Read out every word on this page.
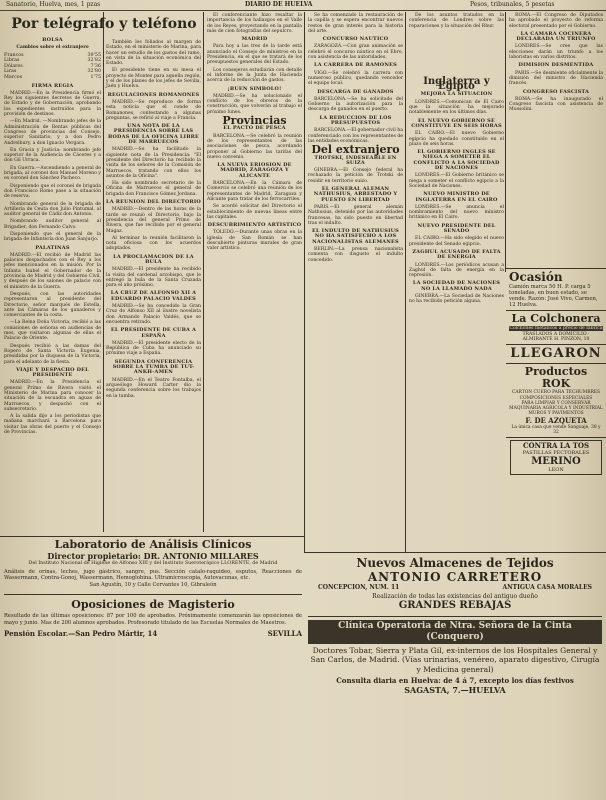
Sanatorio, Huelva, mes, 1 pzas	DIARIO DE HUELVA	Pesos, tribunales, 5 pesetas
Por telégrafo y teléfono
BOLSA
Cambios sobre el extranjero
Francos	39'55
Libras	32'82
Dólares	7'36
Liras	32'80
Marcos	1'75
FIRMA REGIA

MADRID.—En la Presidencia firmó el Rey los siguientes decretos de Guerra, de Estado y de Gobernación, aprobando los expedientes instruidos para la provisión de destinos.

—En Madrid. —Nombrando jefes de la Administración de Rentas públicas del Congreso de provincias del Consejo, superior Sanitario, y a don Pedro Andrelbury, a don Ignacio Vergara.

En Gracia y Justicia: nombrando jefe superior de la Audiencia de Cáceres y a don Gil Urraca.

En Guerra.—Ascendiendo a general de brigada, al coronel don Manuel Moreno y ex coronel don Sánchez Pacheco.

Disponiendo que el coronel de brigada don Francisco Romo pase a la situación de reserva.

Nombrando general de la brigada de Artillería de Ceuta don Julio Pintumal, al auditor general de Cádiz don Antonio.

Nombrando auditor general al Brigadier, don Fernando Calvo.

Disponiendo que el general de la brigada de Infantería don Juan Sanjurjo.

PALATINAS

MADRID.—El recibió de Madrid las palacios despachados con el Rey a los jefes mencionados en la misión. Por la Infanta Isabel el Gobernador de la provincia de Madrid y del Gobierno Civil, y después de los salones de palacio con el ministro de la Guerra.

Después, con las autoridades representaron al presidente del Directorio, señor marqués de Estella, ante las Cámaras de los ganaderos y comerciantes de la costa.

—La Reina Doña Victoria, recibió a las comisiones de señoras en audiencias de mes, que visitaron algunas de ellas el Palacio de Oriente.

Después recibió a las damas del Ropero de Santa Victoria Eugenia, presididas por la duquesa de la Victoria, para el adelanto de la fiesta.

VIAJE Y DESPACHO DEL PRESIDENTE

MADRID.—En la Presidencia el general Primo de Rivera visitó el Ministerio de Marina para conocer la situación de la escuadra en aguas de Marruecos, y despachó con el subsecretario.

A la salida dijo a los periodistas que mañana marchará a Barcelona para visitar las obras del puerto y el Consejo de Provincias.

También los foliados al margen de Estado, en el ministerio de Marina, para hacer un estudio de los gastos del ramo, en vista de la situación económica del Estado.

El presidente tiene en su mesa el proyecto de Montes para aquella región, y el de los planes de los jefes de Sevilla, Jaén y Huelva.

REGULACIONES ROMANONES

MADRID.—Se reproduce de forma esta noticia que el conde de Romanones, contestando a algunas preguntas, se refirió al viaje a Francia.

UNA NOTA DE LA PRESIDENCIA SOBRE LAS BODAS DE LA OFICINA LIBRE DE MARRUECOS

MADRID.—Se ha facilitado la siguiente nota de la Presidencia: "El presidente del Directorio ha recibido la visita de los señores de la Comisión de Marruecos, tratando con ellos los asuntos de la Oficina".

Ha sido nombrado secretario de la Oficina de Marruecos el general de brigada don Francisco Gómez Jordana.

LA REUNION DEL DIRECTORIO

MADRID.—Dentro de las horas de la tarde se reunió el Directorio, bajo la presidencia del general Primo de Rivera, que fue recibido por el general Magaz.

Al terminar la reunión facilitaron la nota oficiosa con los acuerdos adoptados.

LA PROCLAMACION DE LA BULA

MADRID.—El presidente ha recibido la visita del cardenal arzobispo, que le entregó la bula de la Santa Cruzada para el año próximo.

LA CRUZ DE ALFONSO XII A EDUARDO PALACIO VALDES

MADRID.—Se ha concedido la Gran Cruz de Alfonso XII al ilustre novelista don Armando Palacio Valdés, que se encuentra retirado.

EL PRESIDENTE DE CUBA A ESPAÑA

MADRID.—El presidente electo de la República de Cuba ha anunciado su próximo viaje a España.

SEGUNDA CONFERENCIA SOBRE LA TUMBA DE TUT-ANKH-AMEN

MADRID.—En el Teatro Fontalba, el arqueólogo Howard Carter dio la segunda conferencia sobre los trabajos en la tumba.

El conferenciante hizo resaltar la importancia de los hallazgos en el Valle de los Reyes, proyectando en la pantalla más de cien fotografías del sepulcro.

MADRID

Para hoy a las tres de la tarde está anunciado el Consejo de ministros en la Presidencia, en el que se tratará de los presupuestos generales del Estado.

Los consejeros estudiarán con detalle el informe de la Junta de Hacienda acerca de la reducción de gastos.

¡BUEN SIMBOLO!

MADRID.—Se ha solucionado el conflicto de los obreros de la construcción, que volverán al trabajo el próximo lunes.

Provincias
EL PACTO DE PESCA

BARCELONA.—Se celebró la reunión de los representantes de las asociaciones de pesca, acordando proponer al Gobierno las tarifas del nuevo convenio.

LA NUEVA ERIOSION DE MADRID, ZARAGOZA Y ALICANTE

BARCELONA.—En la Cámara de Comercio se celebró una reunión de los representantes de Madrid, Zaragoza y Alicante para tratar de los ferrocarriles.

Se acordó solicitar del Directorio el establecimiento de nuevas líneas entre las capitales.

DESCUBRIMIENTO ARTISTICO

TOLEDO.—Durante unas obras en la iglesia de San Román se han descubierto pinturas murales de gran valor artístico.

Se ha comenzado la restauración de la capilla y se espera encontrar nuevos restos de gran interés para la historia del arte.

CONCURSO NAUTICO

ZARAGOZA.—Con gran animación se celebró el concurso náutico en el Ebro, con asistencia de las autoridades.

LA CARRERA DE RAMONES

VIGO.—Se celebró la carrera con numeroso público, quedando vencedor el equipo local.

DESCARGA DE GANADOS

BARCELONA.—Se ha solicitado del Gobierno la autorización para la descarga de ganados en el puerto.

LA REDUCCION DE LOS PRESUPUESTOS

BARCELONA.—El gobernador civil ha conferenciado con los representantes de las entidades económicas.

Del extranjero
TROTSKI, INDESEABLE EN SUIZA

GINEBRA.—El Consejo federal ha rechazado la petición de Trotski de residir en territorio suizo.

EL GENERAL ALEMAN NATHUSIUS, ARRESTADO Y PUESTO EN LIBERTAD

PARIS.—El general alemán Nathusius, detenido por las autoridades francesas, ha sido puesto en libertad tras el indulto.

EL INDULTO DE NATHUSIUS NO HA SATISFECHO A LOS NACIONALISTAS ALEMANES

BERLIN.—La prensa nacionalista comenta con disgusto el indulto concedido.

De los asuntos tratados en la conferencia de Londres sobre las reparaciones y la situación del Rhur.

Inglaterra y Egipto
MEJORA LA SITUACION

LONDRES.—Comunican de El Cairo que la situación ha mejorado notablemente en los últimos días.

EL NUEVO GOBIERNO SE CONSTITUYE EN SEIS HORAS

EL CAIRO.—El nuevo Gobierno egipcio ha quedado constituido en el plazo de seis horas.

EL GOBIERNO INGLES SE NIEGA A SOMETER EL CONFLICTO A LA SOCIEDAD DE NACIONES

LONDRES.—El Gobierno británico se niega a someter el conflicto egipcio a la Sociedad de Naciones.

NUEVO MINISTRO DE INGLATERRA EN EL CAIRO

LONDRES.—Se anuncia el nombramiento del nuevo ministro británico en El Cairo.

NUEVO PRESIDENTE DEL SENADO

EL CAIRO.—Ha sido elegido el nuevo presidente del Senado egipcio.

ZAGHUL ACUSADO DE FALTA DE ENERGIA

LONDRES.—Los periódicos acusan a Zaghul de falta de energía en la represión.

LA SOCIEDAD DE NACIONES NO LA LLAMADO NADA

GINEBRA.—La Sociedad de Naciones no ha recibido petición alguna.

ROMA.—El Congreso de Diputados ha aprobado el proyecto de reforma electoral presentado por el Gobierno.

LA CAMARA COCINERA DECLARADA UN TRIUNFO

LONDRES.—Se cree que las elecciones darán un triunfo a los laboristas en varios distritos.

DIMISION DESMENTIDA

PARIS.—Se desmiente oficialmente la dimisión del ministro de Hacienda francés.

CONGRESO FASCISTA

ROMA.—Se ha inaugurado el Congreso fascista con asistencia de Mussolini.

Ocasión
Camión marca 50 H. P. carga 5 toneladas, en buen estado, se vende. Razón: José Vivo, Carmen, 12 Huelva.
La Colchonera
Colchones metálicos a precio de fábrica
TRASLADOS A DOMICILIO · ALMIRANTE H. PINZON, 10
LLEGARON
Productos ROK
CARTON CUERO PARA TECHUMBRES
COMPOSICIONES ESPECIALES
PARA LIMPIAR Y CONSERVAR
MAQUINARIA AGRICOLA Y INDUSTRIAL
MUROS Y PAVIMENTOS
F. DE AZQUETA
La única casa que vende Sanguaje, 38 y 32
CONTRA LA TOS
PASTILLAS PECTORALES
MERINO
LEON
Laboratorio de Análisis Clínicos
Director propietario: DR. ANTONIO MILLARES
Del Instituto Nacional de Higiene de Alfonso XIII y del Instituto Sueroterápico LLORENTE, de Madrid
Análisis de orinas, leches, jugo gástrico, sangre, pus. Sección catalo-raquideo, esputos, Reacciones de Wassermann, Contra-Gonoj, Wassermann, Hemoglobina. Ultramicroscopia, Autovacunas, etc.
San Agustín, 10 y Calle Cervantes 10, Gibraleón
Oposiciones de Magisterio
Resultado de las últimas oposiciones: 87 por 100 de aprobados. Próximamente comenzarán las oposiciones de mayo y junio. Mas de 200 alumnos aprobados. Profesorado titulado de las Escuelas Normales de Maestros.
Pensión Escolar.—San Pedro Mártir, 14	SEVILLA
Nuevos Almacenes de Tejidos
ANTONIO CARRETERO
CONCEPCION, NUM. 11	ANTIGUA CASA MORALES
Realización de todas las existencias del antiguo dueño
GRANDES REBAJAS
Clínica Operatoria de Ntra. Señora de la Cinta (Conquero)
Doctores Tobar, Sierra y Plata Gil, ex-internos de los Hospitales General y San Carlos, de Madrid. (Vías urinarias, venéreo, aparato digestivo, Cirugía y Medicina general)
Consulta diaria en Huelva: de 4 á 7, excepto los días festivos
SAGASTA, 7.—HUELVA
